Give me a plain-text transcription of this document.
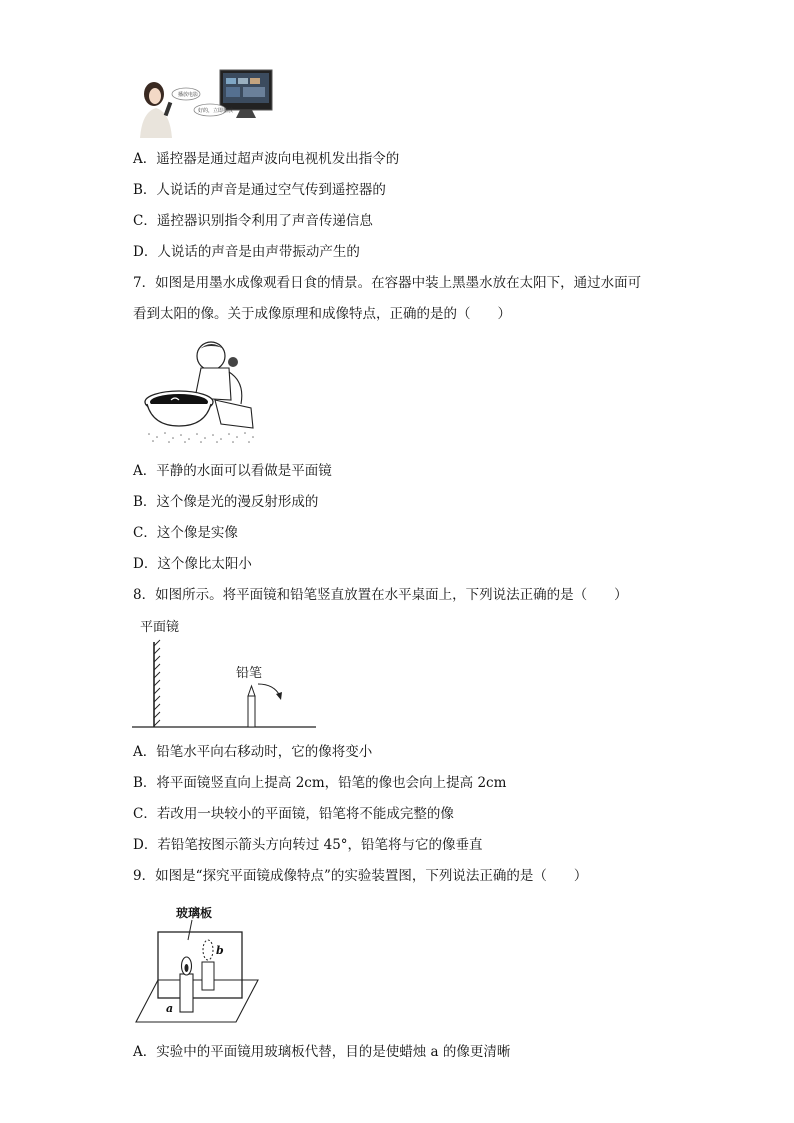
播放电影
好的，立即播放
A．遥控器是通过超声波向电视机发出指令的
B．人说话的声音是通过空气传到遥控器的
C．遥控器识别指令利用了声音传递信息
D．人说话的声音是由声带振动产生的
7．如图是用墨水成像观看日食的情景。在容器中装上黑墨水放在太阳下，通过水面可
看到太阳的像。关于成像原理和成像特点，正确的是的（　　）
A．平静的水面可以看做是平面镜
B．这个像是光的漫反射形成的
C．这个像是实像
D．这个像比太阳小
8．如图所示。将平面镜和铅笔竖直放置在水平桌面上，下列说法正确的是（　　）
平面镜
铅笔
A．铅笔水平向右移动时，它的像将变小
B．将平面镜竖直向上提高 2cm，铅笔的像也会向上提高 2cm
C．若改用一块较小的平面镜，铅笔将不能成完整的像
D．若铅笔按图示箭头方向转过 45°，铅笔将与它的像垂直
9．如图是“探究平面镜成像特点”的实验装置图，下列说法正确的是（　　）
玻璃板
b
a
A．实验中的平面镜用玻璃板代替，目的是使蜡烛 a 的像更清晰
